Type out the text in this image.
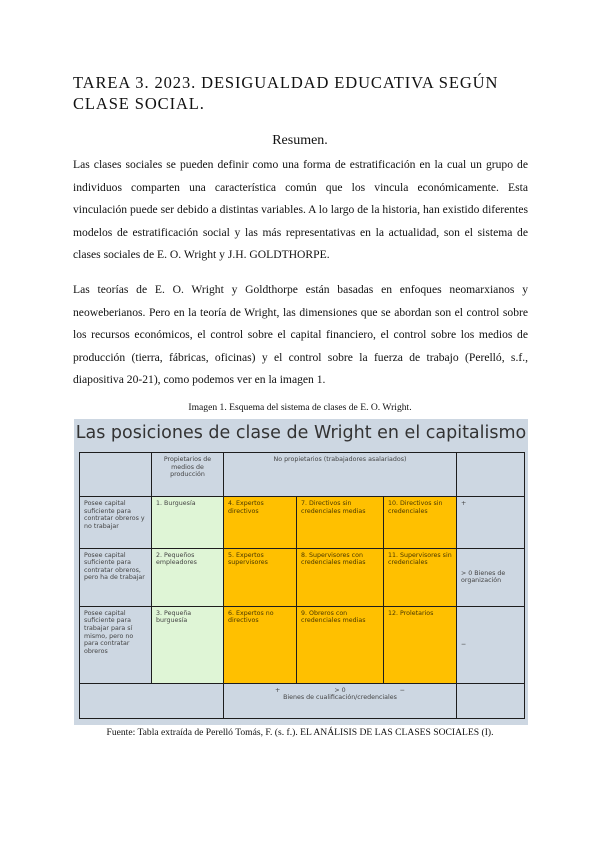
TAREA 3. 2023. DESIGUALDAD EDUCATIVA SEGÚN CLASE SOCIAL.
Resumen.

Las clases sociales se pueden definir como una forma de estratificación en la cual un grupo de individuos comparten una característica común que los vincula económicamente. Esta vinculación puede ser debido a distintas variables. A lo largo de la historia, han existido diferentes modelos de estratificación social y las más representativas en la actualidad, son el sistema de clases sociales de E. O. Wright y J.H. GOLDTHORPE.

Las teorías de E. O. Wright y Goldthorpe están basadas en enfoques neomarxianos y neoweberianos. Pero en la teoría de Wright, las dimensiones que se abordan son el control sobre los recursos económicos, el control sobre el capital financiero, el control sobre los medios de producción (tierra, fábricas, oficinas) y el control sobre la fuerza de trabajo (Perelló, s.f., diapositiva 20-21), como podemos ver en la imagen 1.

Imagen 1. Esquema del sistema de clases de E. O. Wright.

Las posiciones de clase de Wright en el capitalismo

	Propietarios de medios de producción	No propietarios (trabajadores asalariados)			
Posee capital suficiente para contratar obreros y no trabajar	1. Burguesía	4. Expertos directivos	7. Directivos sin credenciales medias	10. Directivos sin credenciales	+
Posee capital suficiente para contratar obreros, pero ha de trabajar	2. Pequeños empleadores	5. Expertos supervisores	8. Supervisores con credenciales medias	11. Supervisores sin credenciales	> 0 Bienes de organización
Posee capital suficiente para trabajar para sí mismo, pero no para contratar obreros	3. Pequeña burguesía	6. Expertos no directivos	9. Obreros con credenciales medias	12. Proletarios	−

		+ > 0 −
Bienes de cualificación/credenciales			

Fuente: Tabla extraída de Perelló Tomás, F. (s. f.). EL ANÁLISIS DE LAS CLASES SOCIALES (I).
